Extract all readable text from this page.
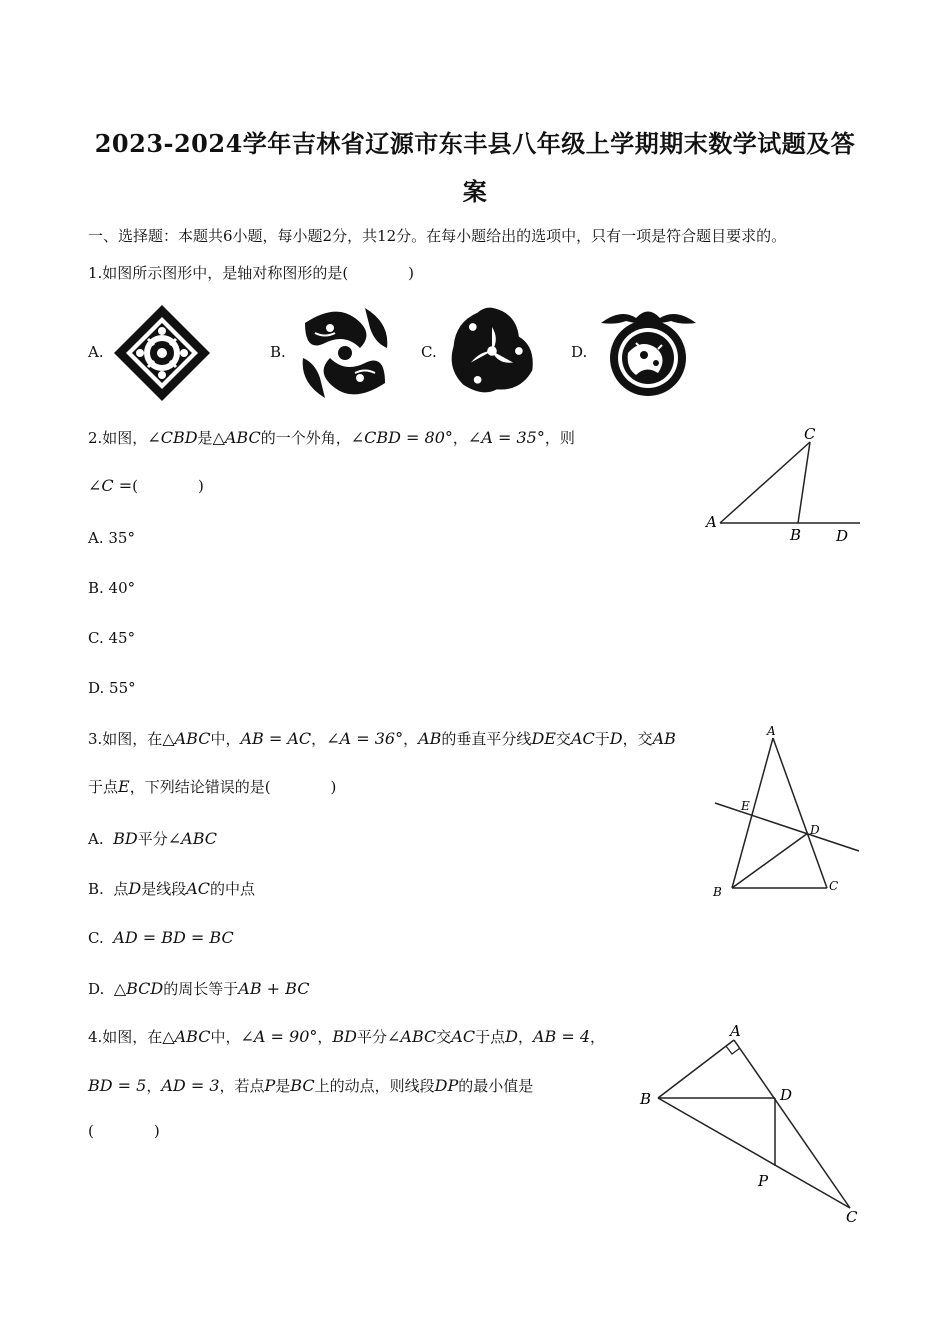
2023-2024学年吉林省辽源市东丰县八年级上学期期末数学试题及答
案
一、选择题：本题共6小题，每小题2分，共12分。在每小题给出的选项中，只有一项是符合题目要求的。
1.如图所示图形中，是轴对称图形的是(　　　　)
A.	B.	C.	D.
2.如图，∠CBD是△ABC的一个外角，∠CBD = 80°，∠A = 35°，则
∠C =(　　　　)
A. 35°
B. 40°
C. 45°
D. 55°
A
C
B D
3.如图，在△ABC中，AB = AC，∠A = 36°，AB的垂直平分线DE交AC于D，交AB
于点E，下列结论错误的是(　　　　)
A. BD平分∠ABC
B. 点D是线段AC的中点
C. AD = BD = BC
D. △BCD的周长等于AB + BC
A
E
D
B	C
4.如图，在△ABC中，∠A = 90°，BD平分∠ABC交AC于点D，AB = 4，
BD = 5，AD = 3，若点P是BC上的动点，则线段DP的最小值是
(　　　　)
A
B	D
P
C
